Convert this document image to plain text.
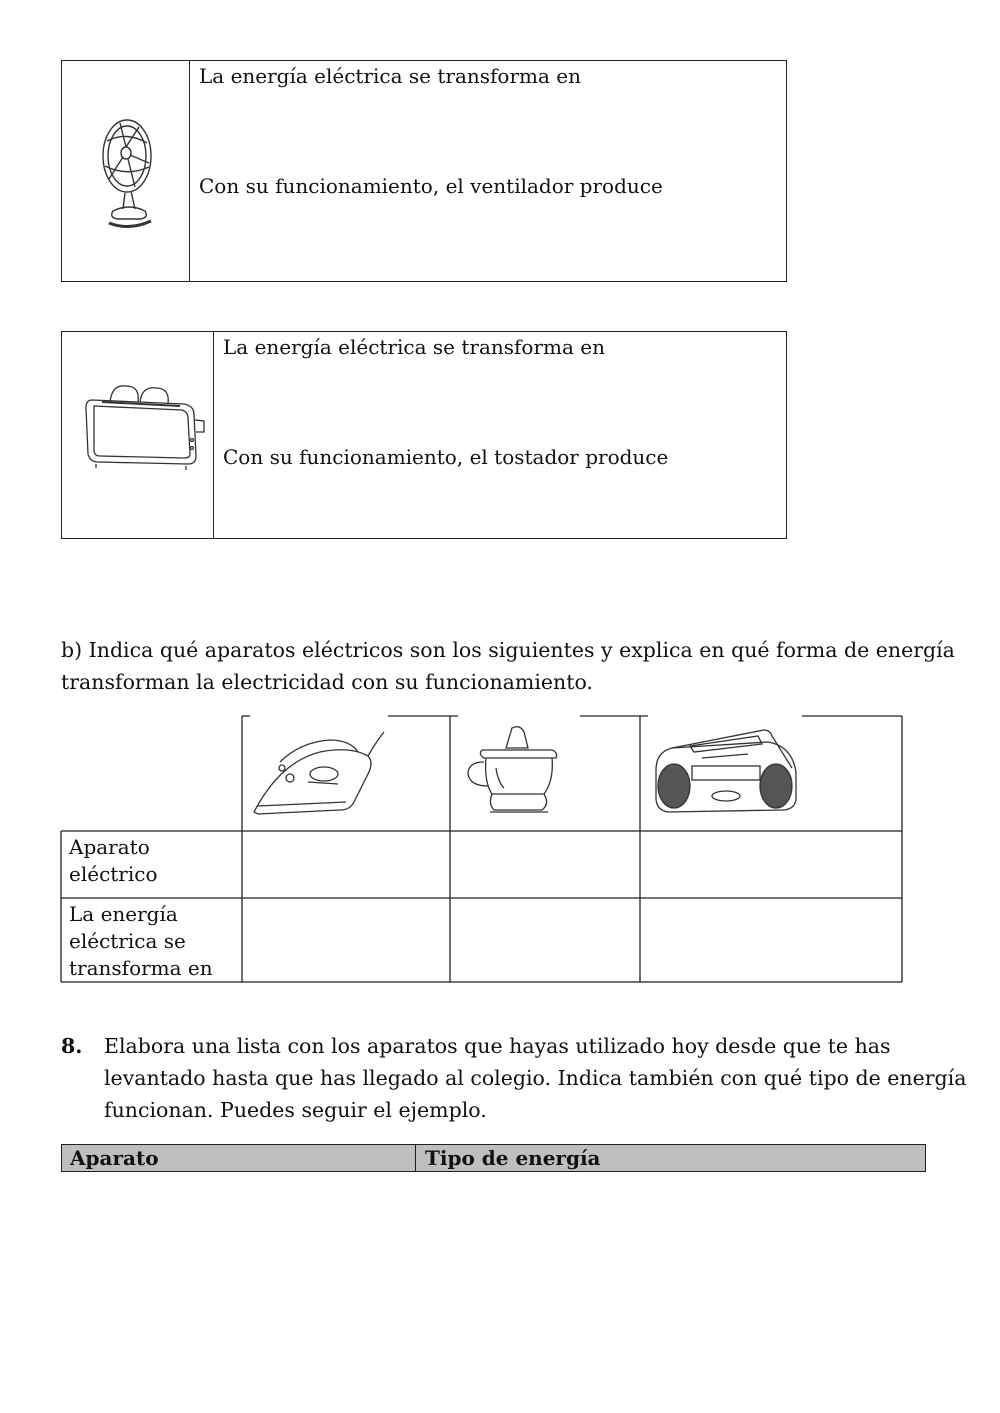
La energía eléctrica se transforma en
Con su funcionamiento, el ventilador produce
La energía eléctrica se transforma en
Con su funcionamiento, el tostador produce
b) Indica qué aparatos eléctricos son los siguientes y explica en qué forma de energía
transforman la electricidad con su funcionamiento.
Aparato
eléctrico
La energía
eléctrica se
transforma en
8. Elabora una lista con los aparatos que hayas utilizado hoy desde que te has
levantado hasta que has llegado al colegio. Indica también con qué tipo de energía
funcionan. Puedes seguir el ejemplo.
Aparato	Tipo de energía
